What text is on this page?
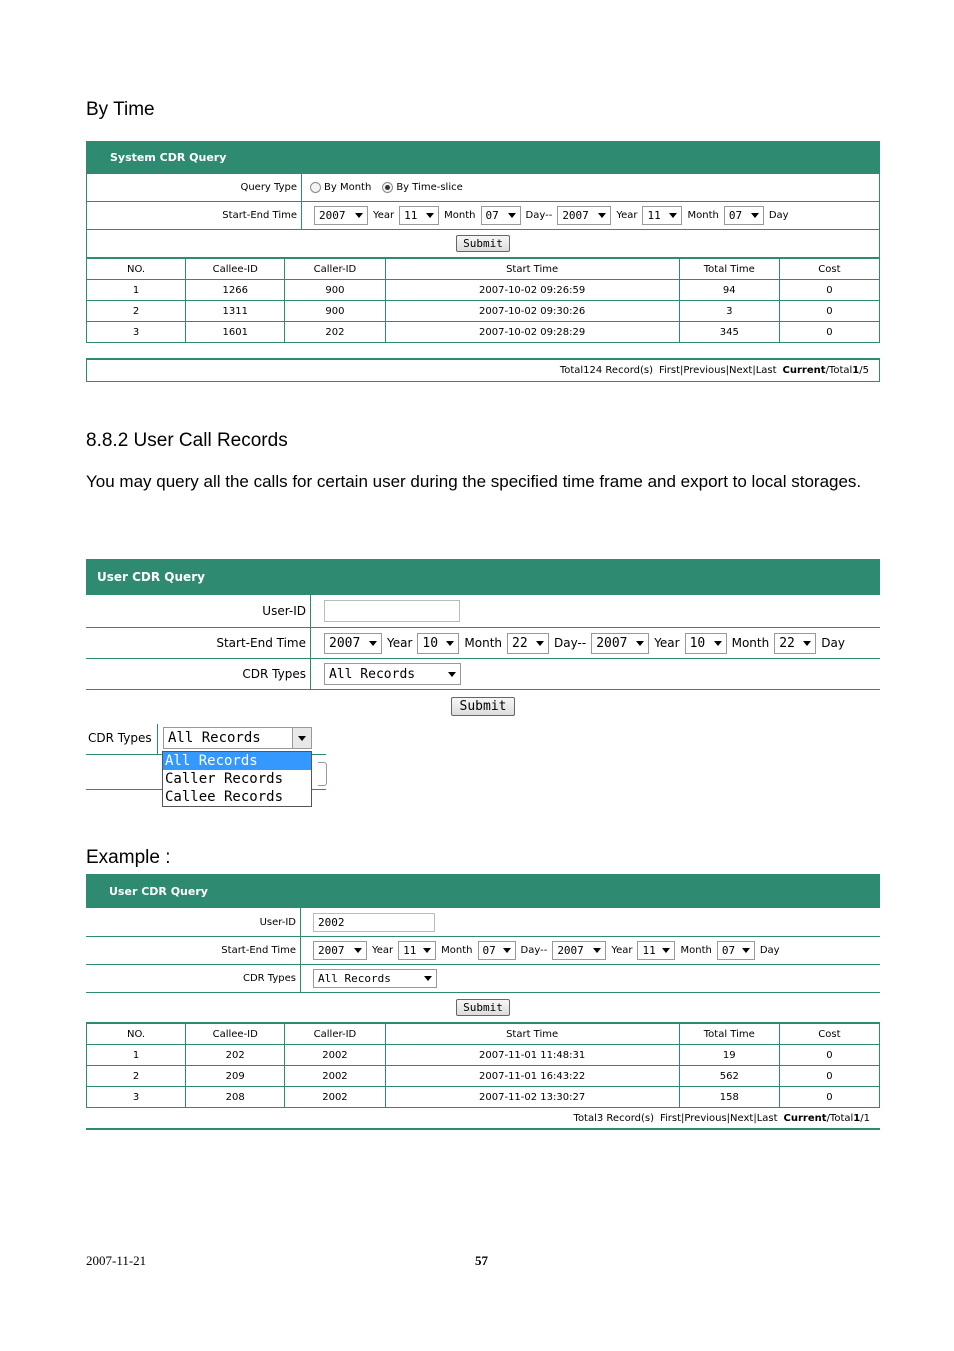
By Time
System CDR Query
Query Type	By Month	By Time-slice
Start-End Time	2007	Year 11	Month 07	Day-- 2007	Year 11	Month 07	Day
Submit
NO.	Callee-ID	Caller-ID	Start Time	Total Time	Cost
1	1266	900	2007-10-02 09:26:59	94	0
2	1311	900	2007-10-02 09:30:26	3	0
3	1601	202	2007-10-02 09:28:29	345	0
Total124 Record(s) First|Previous|Next|Last Current/Total1/5
8.8.2 User Call Records
You may query all the calls for certain user during the specified time frame and export to local storages.
User CDR Query
User-ID
Start-End Time	2007 Year 10 Month 22 Day-- 2007 Year 10 Month 22 Day
CDR Types	All Records
Submit
CDR Types All Records
All Records
Caller Records
Callee Records
Example :
User CDR Query
User-ID	2002
Start-End Time	2007	Year 11 Month 07 Day-- 2007	Year 11 Month 07 Day
CDR Types	All Records
Submit
NO.	Callee-ID	Caller-ID	Start Time	Total Time	Cost
1	202	2002	2007-11-01 11:48:31	19	0
2	209	2002	2007-11-01 16:43:22	562	0
3	208	2002	2007-11-02 13:30:27	158	0
Total3 Record(s) First|Previous|Next|Last Current/Total1/1
2007-11-21	57
